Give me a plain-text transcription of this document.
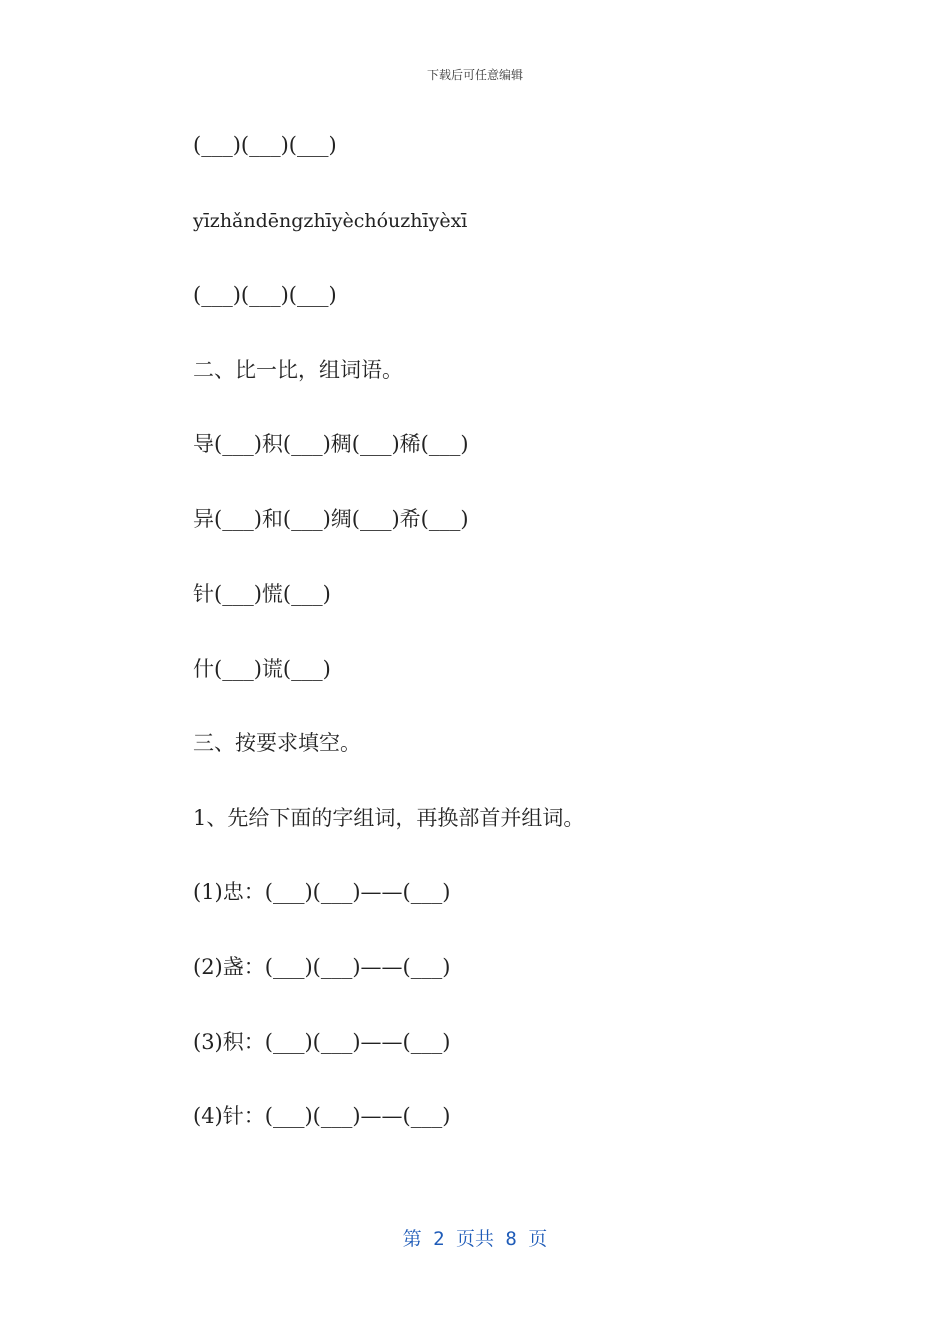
下载后可任意编辑
(___)(___)(___)
yīzhǎndēngzhīyèchóuzhīyèxī
(___)(___)(___)
二、比一比，组词语。
导(___)积(___)稠(___)稀(___)
异(___)和(___)绸(___)希(___)
针(___)慌(___)
什(___)谎(___)
三、按要求填空。
1、先给下面的字组词，再换部首并组词。
(1)忠：(___)(___)——(___)
(2)盏：(___)(___)——(___)
(3)积：(___)(___)——(___)
(4)针：(___)(___)——(___)
第 2 页共 8 页
